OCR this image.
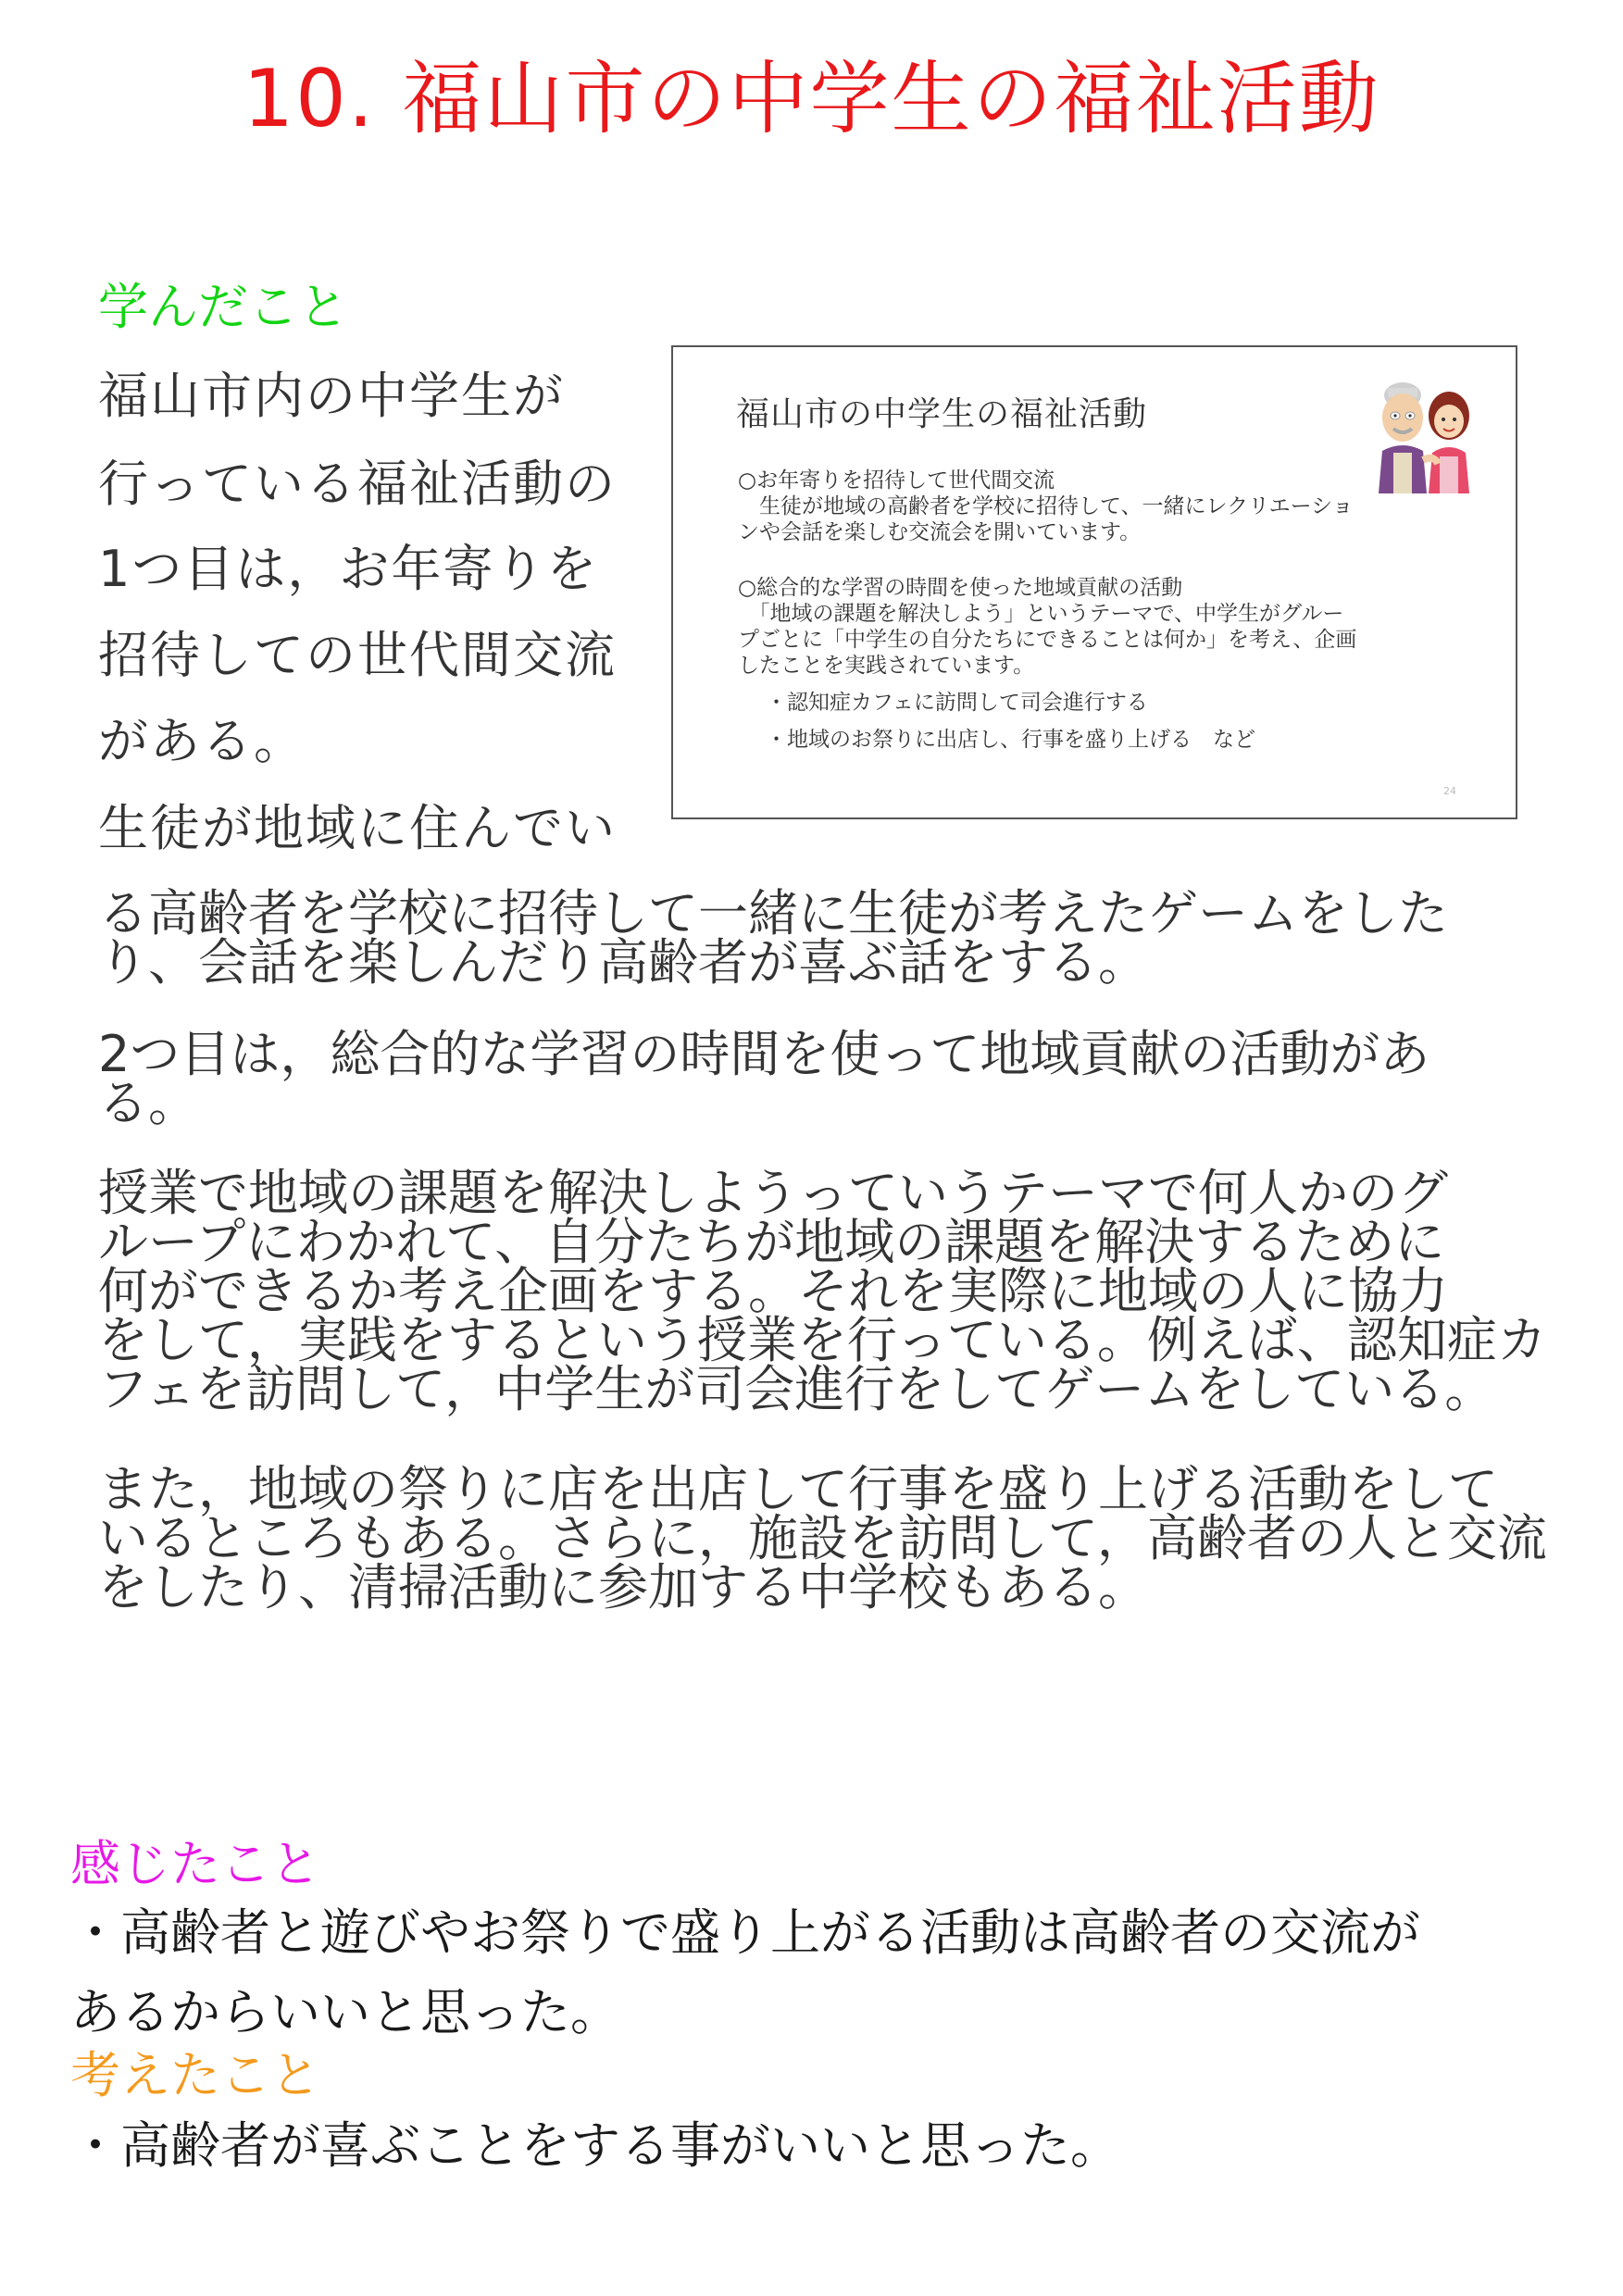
10. 福山市の中学生の福祉活動
学んだこと
福山市内の中学生が
行っている福祉活動の
1つ目は，お年寄りを
招待しての世代間交流
がある。
生徒が地域に住んでい
福山市の中学生の福祉活動
○お年寄りを招待して世代間交流
　生徒が地域の高齢者を学校に招待して、一緒にレクリエーショ
ンや会話を楽しむ交流会を開いています。
○総合的な学習の時間を使った地域貢献の活動
　「地域の課題を解決しよう」というテーマで、中学生がグルー
プごとに「中学生の自分たちにできることは何か」を考え、企画
したことを実践されています。
・認知症カフェに訪問して司会進行する
・地域のお祭りに出店し、行事を盛り上げる　など
24
る高齢者を学校に招待して一緒に生徒が考えたゲームをした
り、会話を楽しんだり高齢者が喜ぶ話をする。
2つ目は，総合的な学習の時間を使って地域貢献の活動があ
る。
授業で地域の課題を解決しようっていうテーマで何人かのグ
ループにわかれて、自分たちが地域の課題を解決するために
何ができるか考え企画をする。それを実際に地域の人に協力
をして，実践をするという授業を行っている。例えば、認知症カ
フェを訪問して，中学生が司会進行をしてゲームをしている。
また，地域の祭りに店を出店して行事を盛り上げる活動をして
いるところもある。さらに，施設を訪問して，高齢者の人と交流
をしたり、清掃活動に参加する中学校もある。
感じたこと
・高齢者と遊びやお祭りで盛り上がる活動は高齢者の交流が
あるからいいと思った。
考えたこと
・高齢者が喜ぶことをする事がいいと思った。
